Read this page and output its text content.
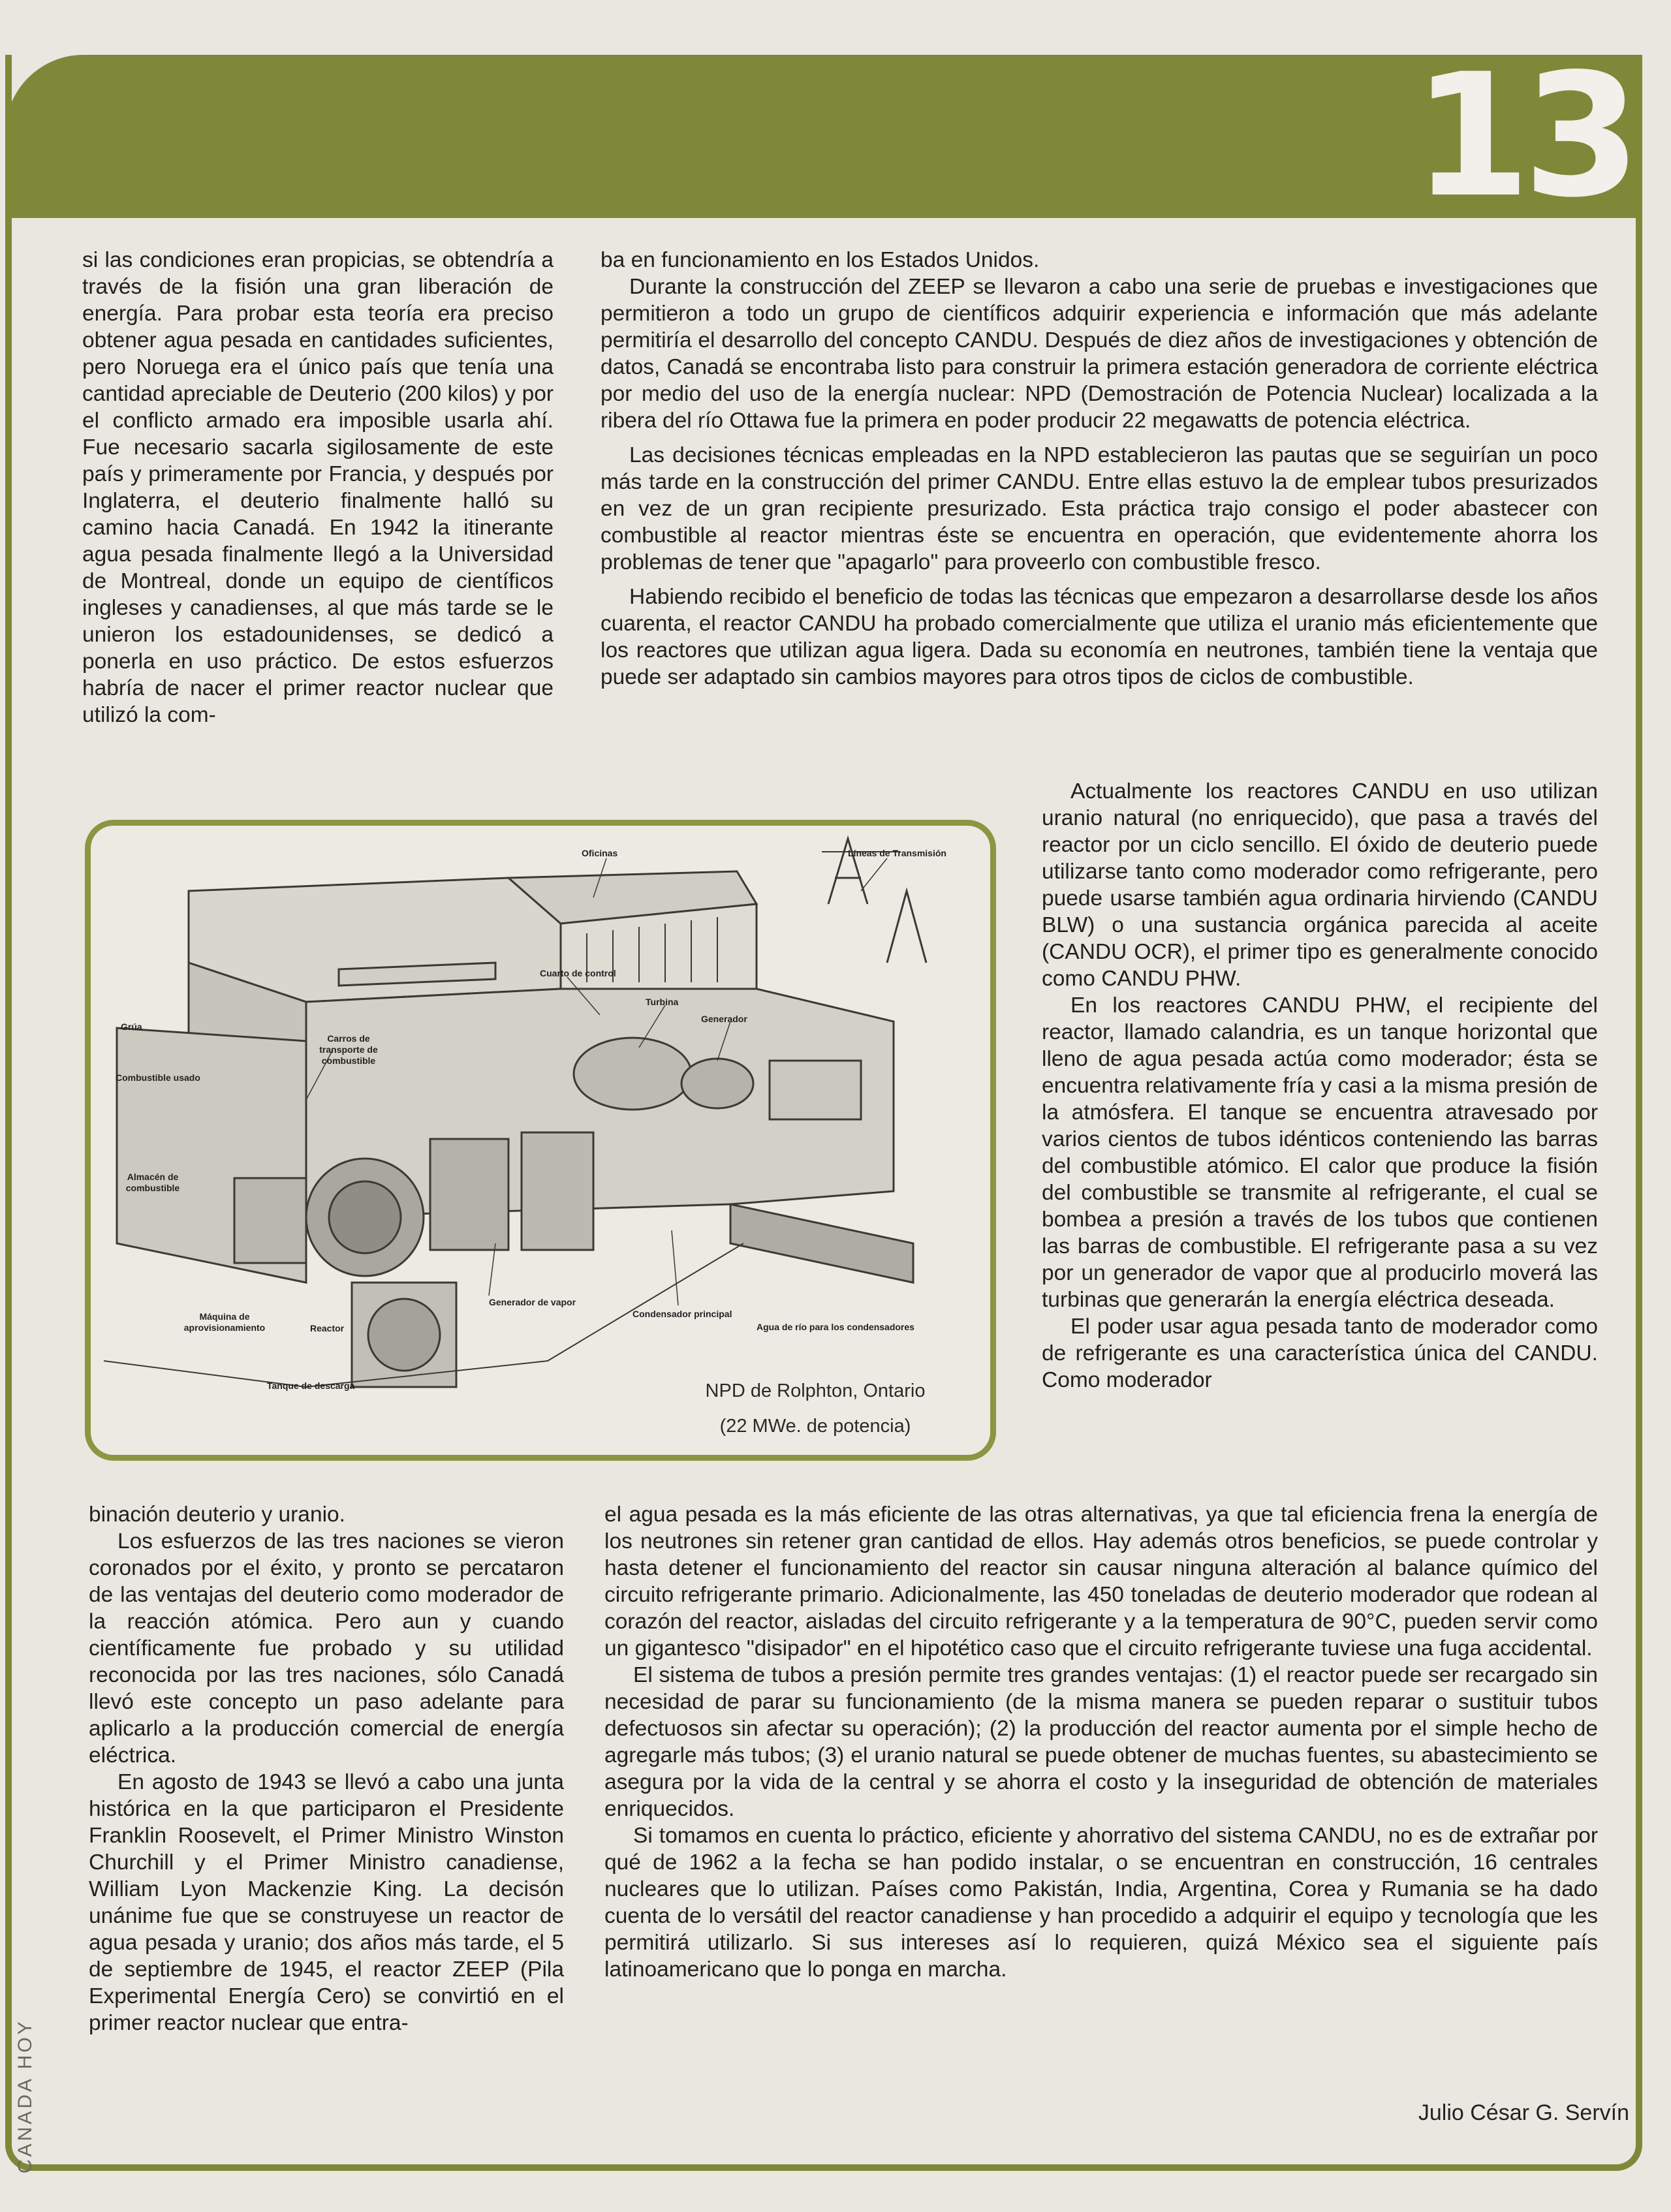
13
CANADA HOY

si las condiciones eran propicias, se obtendría a través de la fisión una gran liberación de energía. Para probar esta teoría era preciso obtener agua pesada en cantidades suficientes, pero Noruega era el único país que tenía una cantidad apreciable de Deuterio (200 kilos) y por el conflicto armado era imposible usarla ahí. Fue necesario sacarla sigilosamente de este país y primeramente por Francia, y después por Inglaterra, el deuterio finalmente halló su camino hacia Canadá. En 1942 la itinerante agua pesada finalmente llegó a la Universidad de Montreal, donde un equipo de científicos ingleses y canadienses, al que más tarde se le unieron los estadounidenses, se dedicó a ponerla en uso práctico. De estos esfuerzos habría de nacer el primer reactor nuclear que utilizó la com-

ba en funcionamiento en los Estados Unidos.

Durante la construcción del ZEEP se llevaron a cabo una serie de pruebas e investigaciones que permitieron a todo un grupo de científicos adquirir experiencia e información que más adelante permitiría el desarrollo del concepto CANDU. Después de diez años de investigaciones y obtención de datos, Canadá se encontraba listo para construir la primera estación generadora de corriente eléctrica por medio del uso de la energía nuclear: NPD (Demostración de Potencia Nuclear) localizada a la ribera del río Ottawa fue la primera en poder producir 22 megawatts de potencia eléctrica.

Las decisiones técnicas empleadas en la NPD establecieron las pautas que se seguirían un poco más tarde en la construcción del primer CANDU. Entre ellas estuvo la de emplear tubos presurizados en vez de un gran recipiente presurizado. Esta práctica trajo consigo el poder abastecer con combustible al reactor mientras éste se encuentra en operación, que evidentemente ahorra los problemas de tener que "apagarlo" para proveerlo con combustible fresco.

Habiendo recibido el beneficio de todas las técnicas que empezaron a desarrollarse desde los años cuarenta, el reactor CANDU ha probado comercialmente que utiliza el uranio más eficientemente que los reactores que utilizan agua ligera. Dada su economía en neutrones, también tiene la ventaja que puede ser adaptado sin cambios mayores para otros tipos de ciclos de combustible.

Oficinas	Líneas de Transmisión
Cuarto de control
Turbina
Generador
Carros de transporte de combustible
Grúa
Combustible usado
Almacén de combustible
Generador de vapor
Condensador principal
Agua de río para los condensadores
Máquina de aprovisionamiento	Reactor
Tanque de descarga	NPD de Rolphton, Ontario
(22 MWe. de potencia)

Actualmente los reactores CANDU en uso utilizan uranio natural (no enriquecido), que pasa a través del reactor por un ciclo sencillo. El óxido de deuterio puede utilizarse tanto como moderador como refrigerante, pero puede usarse también agua ordinaria hirviendo (CANDU BLW) o una sustancia orgánica parecida al aceite (CANDU OCR), el primer tipo es generalmente conocido como CANDU PHW.

En los reactores CANDU PHW, el recipiente del reactor, llamado calandria, es un tanque horizontal que lleno de agua pesada actúa como moderador; ésta se encuentra relativamente fría y casi a la misma presión de la atmósfera. El tanque se encuentra atravesado por varios cientos de tubos idénticos conteniendo las barras del combustible atómico. El calor que produce la fisión del combustible se transmite al refrigerante, el cual se bombea a presión a través de los tubos que contienen las barras de combustible. El refrigerante pasa a su vez por un generador de vapor que al producirlo moverá las turbinas que generarán la energía eléctrica deseada.

El poder usar agua pesada tanto de moderador como de refrigerante es una característica única del CANDU. Como moderador

binación deuterio y uranio.

Los esfuerzos de las tres naciones se vieron coronados por el éxito, y pronto se percataron de las ventajas del deuterio como moderador de la reacción atómica. Pero aun y cuando científicamente fue probado y su utilidad reconocida por las tres naciones, sólo Canadá llevó este concepto un paso adelante para aplicarlo a la producción comercial de energía eléctrica.

En agosto de 1943 se llevó a cabo una junta histórica en la que participaron el Presidente Franklin Roosevelt, el Primer Ministro Winston Churchill y el Primer Ministro canadiense, William Lyon Mackenzie King. La decisón unánime fue que se construyese un reactor de agua pesada y uranio; dos años más tarde, el 5 de septiembre de 1945, el reactor ZEEP (Pila Experimental Energía Cero) se convirtió en el primer reactor nuclear que entra-

el agua pesada es la más eficiente de las otras alternativas, ya que tal eficiencia frena la energía de los neutrones sin retener gran cantidad de ellos. Hay además otros beneficios, se puede controlar y hasta detener el funcionamiento del reactor sin causar ninguna alteración al balance químico del circuito refrigerante primario. Adicionalmente, las 450 toneladas de deuterio moderador que rodean al corazón del reactor, aisladas del circuito refrigerante y a la temperatura de 90°C, pueden servir como un gigantesco "disipador" en el hipotético caso que el circuito refrigerante tuviese una fuga accidental.

El sistema de tubos a presión permite tres grandes ventajas: (1) el reactor puede ser recargado sin necesidad de parar su funcionamiento (de la misma manera se pueden reparar o sustituir tubos defectuosos sin afectar su operación); (2) la producción del reactor aumenta por el simple hecho de agregarle más tubos; (3) el uranio natural se puede obtener de muchas fuentes, su abastecimiento se asegura por la vida de la central y se ahorra el costo y la inseguridad de obtención de materiales enriquecidos.

Si tomamos en cuenta lo práctico, eficiente y ahorrativo del sistema CANDU, no es de extrañar por qué de 1962 a la fecha se han podido instalar, o se encuentran en construcción, 16 centrales nucleares que lo utilizan. Países como Pakistán, India, Argentina, Corea y Rumania se ha dado cuenta de lo versátil del reactor canadiense y han procedido a adquirir el equipo y tecnología que les permitirá utilizarlo. Si sus intereses así lo requieren, quizá México sea el siguiente país latinoamericano que lo ponga en marcha.

Julio César G. Servín
